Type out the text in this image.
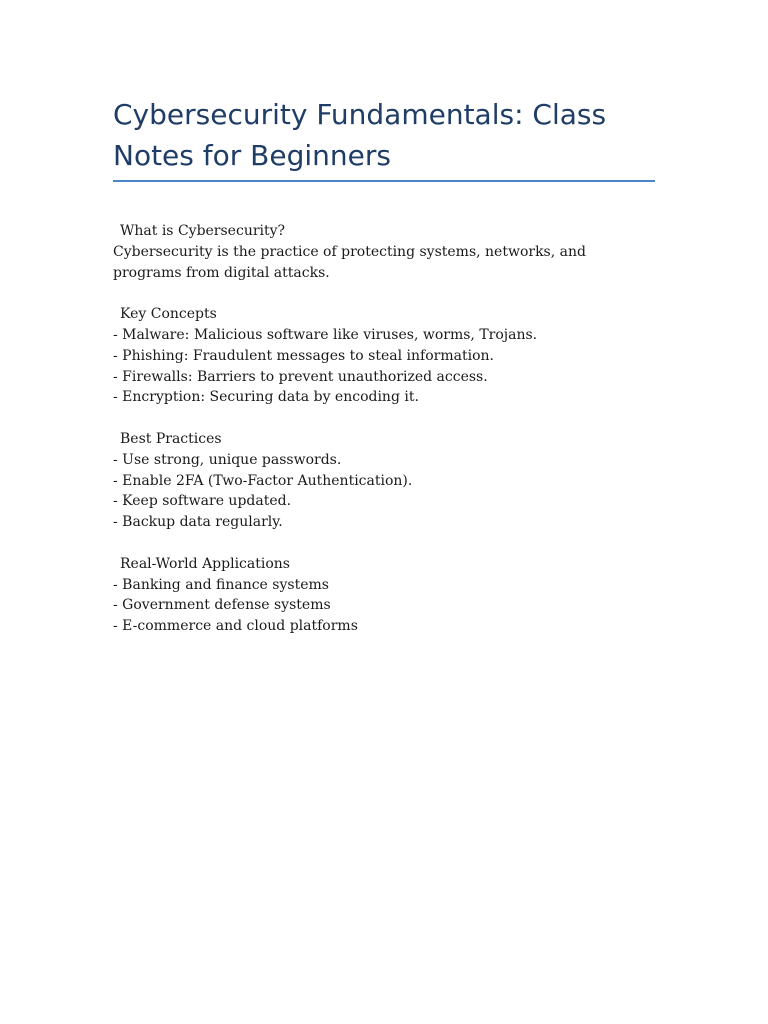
Cybersecurity Fundamentals: Class Notes for Beginners
What is Cybersecurity?

Cybersecurity is the practice of protecting systems, networks, and programs from digital attacks.

Key Concepts
- Malware: Malicious software like viruses, worms, Trojans.
- Phishing: Fraudulent messages to steal information.
- Firewalls: Barriers to prevent unauthorized access.
- Encryption: Securing data by encoding it.
Best Practices
- Use strong, unique passwords.
- Enable 2FA (Two-Factor Authentication).
- Keep software updated.
- Backup data regularly.
Real-World Applications
- Banking and finance systems
- Government defense systems
- E-commerce and cloud platforms
